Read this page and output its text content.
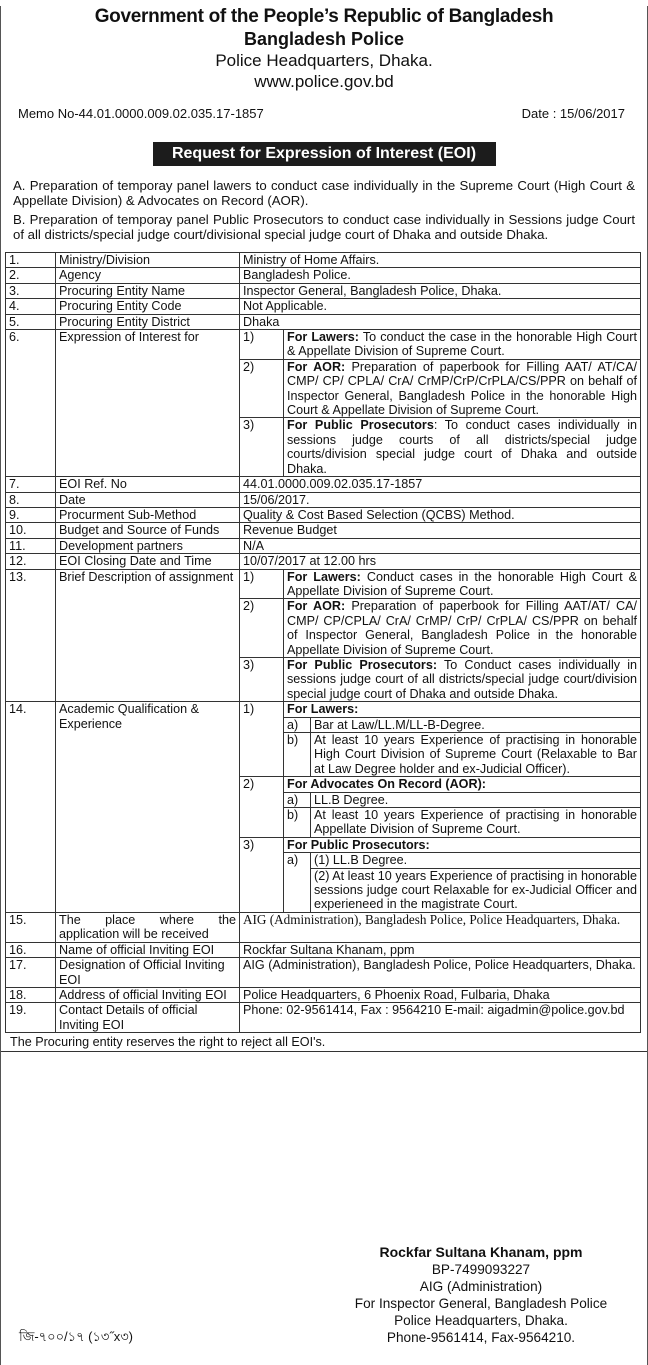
Government of the People’s Republic of Bangladesh
Bangladesh Police
Police Headquarters, Dhaka.
www.police.gov.bd
Memo No-44.01.0000.009.02.035.17-1857	Date : 15/06/2017
Request for Expression of Interest (EOI)

A. Preparation of temporay panel lawers to conduct case individually in the Supreme Court (High Court & Appellate Division) & Advocates on Record (AOR).

B. Preparation of temporay panel Public Prosecutors to conduct case individually in Sessions judge Court of all districts/special judge court/divisional special judge court of Dhaka and outside Dhaka.

1.	Ministry/Division	Ministry of Home Affairs.		
2.	Agency	Bangladesh Police.		
3.	Procuring Entity Name	Inspector General, Bangladesh Police, Dhaka.		
4.	Procuring Entity Code	Not Applicable.		
5.	Procuring Entity District	Dhaka		
6.	Expression of Interest for	1)	For Lawers: To conduct the case in the honorable High Court & Appellate Division of Supreme Court.	
		2)	For AOR: Preparation of paperbook for Filling AAT/ AT/CA/ CMP/ CP/ CPLA/ CrA/ CrMP/CrP/CrPLA/CS/PPR on behalf of Inspector General, Bangladesh Police in the honorable High Court & Appellate Division of Supreme Court.	
		3)	For Public Prosecutors: To conduct cases individually in sessions judge courts of all districts/special judge courts/division special judge court of Dhaka and outside Dhaka.	
7.	EOI Ref. No	44.01.0000.009.02.035.17-1857		
8.	Date	15/06/2017.		
9.	Procurment Sub-Method	Quality & Cost Based Selection (QCBS) Method.		
10.	Budget and Source of Funds	Revenue Budget		
11.	Development partners	N/A		
12.	EOI Closing Date and Time	10/07/2017 at 12.00 hrs		
13.	Brief Description of assignment	1)	For Lawers: Conduct cases in the honorable High Court & Appellate Division of Supreme Court.	
		2)	For AOR: Preparation of paperbook for Filling AAT/AT/ CA/ CMP/ CP/CPLA/ CrA/ CrMP/ CrP/ CrPLA/ CS/PPR on behalf of Inspector General, Bangladesh Police in the honorable Appellate Division of Supreme Court.	
		3)	For Public Prosecutors: To Conduct cases individually in sessions judge court of all districts/special judge court/division special judge court of Dhaka and outside Dhaka.	
14.	Academic Qualification & Experience	1)	For Lawers:	
			a)	Bar at Law/LL.M/LL-B-Degree.
			b)	At least 10 years Experience of practising in honorable High Court Division of Supreme Court (Relaxable to Bar at Law Degree holder and ex-Judicial Officer).
		2)	For Advocates On Record (AOR):	
			a)	LL.B Degree.
			b)	At least 10 years Experience of practising in honorable Appellate Division of Supreme Court.
		3)	For Public Prosecutors:	
			a)	(1) LL.B Degree.
				(2) At least 10 years Experience of practising in honorable sessions judge court Relaxable for ex-Judicial Officer and experieneed in the magistrate Court.
15.	The place where the application will be received	AIG (Administration), Bangladesh Police, Police Headquarters, Dhaka.		
16.	Name of official Inviting EOI	Rockfar Sultana Khanam, ppm		
17.	Designation of Official Inviting EOI	AIG (Administration), Bangladesh Police, Police Headquarters, Dhaka.		
18.	Address of official Inviting EOI	Police Headquarters, 6 Phoenix Road, Fulbaria, Dhaka		
19.	Contact Details of official Inviting EOI	Phone: 02-9561414, Fax : 9564210 E-mail: aigadmin@police.gov.bd		
The Procuring entity reserves the right to reject all EOI's.
Rockfar Sultana Khanam, ppm
BP-7499093227
AIG (Administration)
For Inspector General, Bangladesh Police
Police Headquarters, Dhaka.
Phone-9561414, Fax-9564210.
জি-৭০০/১৭ (১৩˝x৩)
